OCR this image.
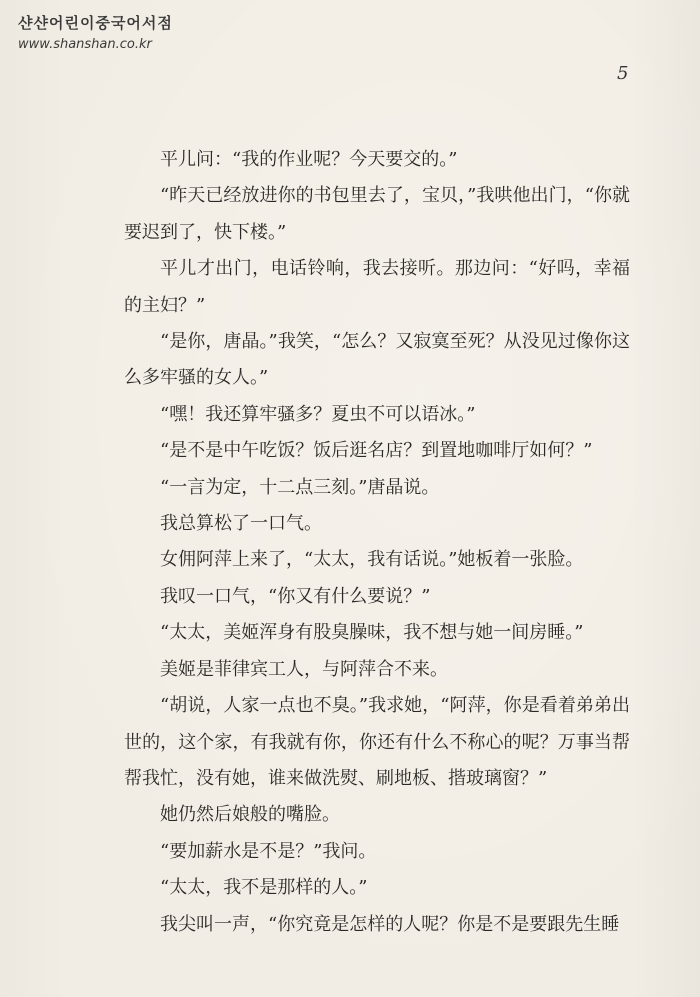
샨샨어린이중국어서점
www.shanshan.co.kr
5

平儿问：“我的作业呢？今天要交的。”

“昨天已经放进你的书包里去了，宝贝，”我哄他出门，“你就要迟到了，快下楼。”

平儿才出门，电话铃响，我去接听。那边问：“好吗，幸福的主妇？”

“是你，唐晶。”我笑，“怎么？又寂寞至死？从没见过像你这么多牢骚的女人。”

“嘿！我还算牢骚多？夏虫不可以语冰。”

“是不是中午吃饭？饭后逛名店？到置地咖啡厅如何？”

“一言为定，十二点三刻。”唐晶说。

我总算松了一口气。

女佣阿萍上来了，“太太，我有话说。”她板着一张脸。

我叹一口气，“你又有什么要说？”

“太太，美姬浑身有股臭臊味，我不想与她一间房睡。”

美姬是菲律宾工人，与阿萍合不来。

“胡说，人家一点也不臭。”我求她，“阿萍，你是看着弟弟出世的，这个家，有我就有你，你还有什么不称心的呢？万事当帮帮我忙，没有她，谁来做洗熨、刷地板、揩玻璃窗？”

她仍然后娘般的嘴脸。

“要加薪水是不是？”我问。

“太太，我不是那样的人。”

我尖叫一声，“你究竟是怎样的人呢？你是不是要跟先生睡
